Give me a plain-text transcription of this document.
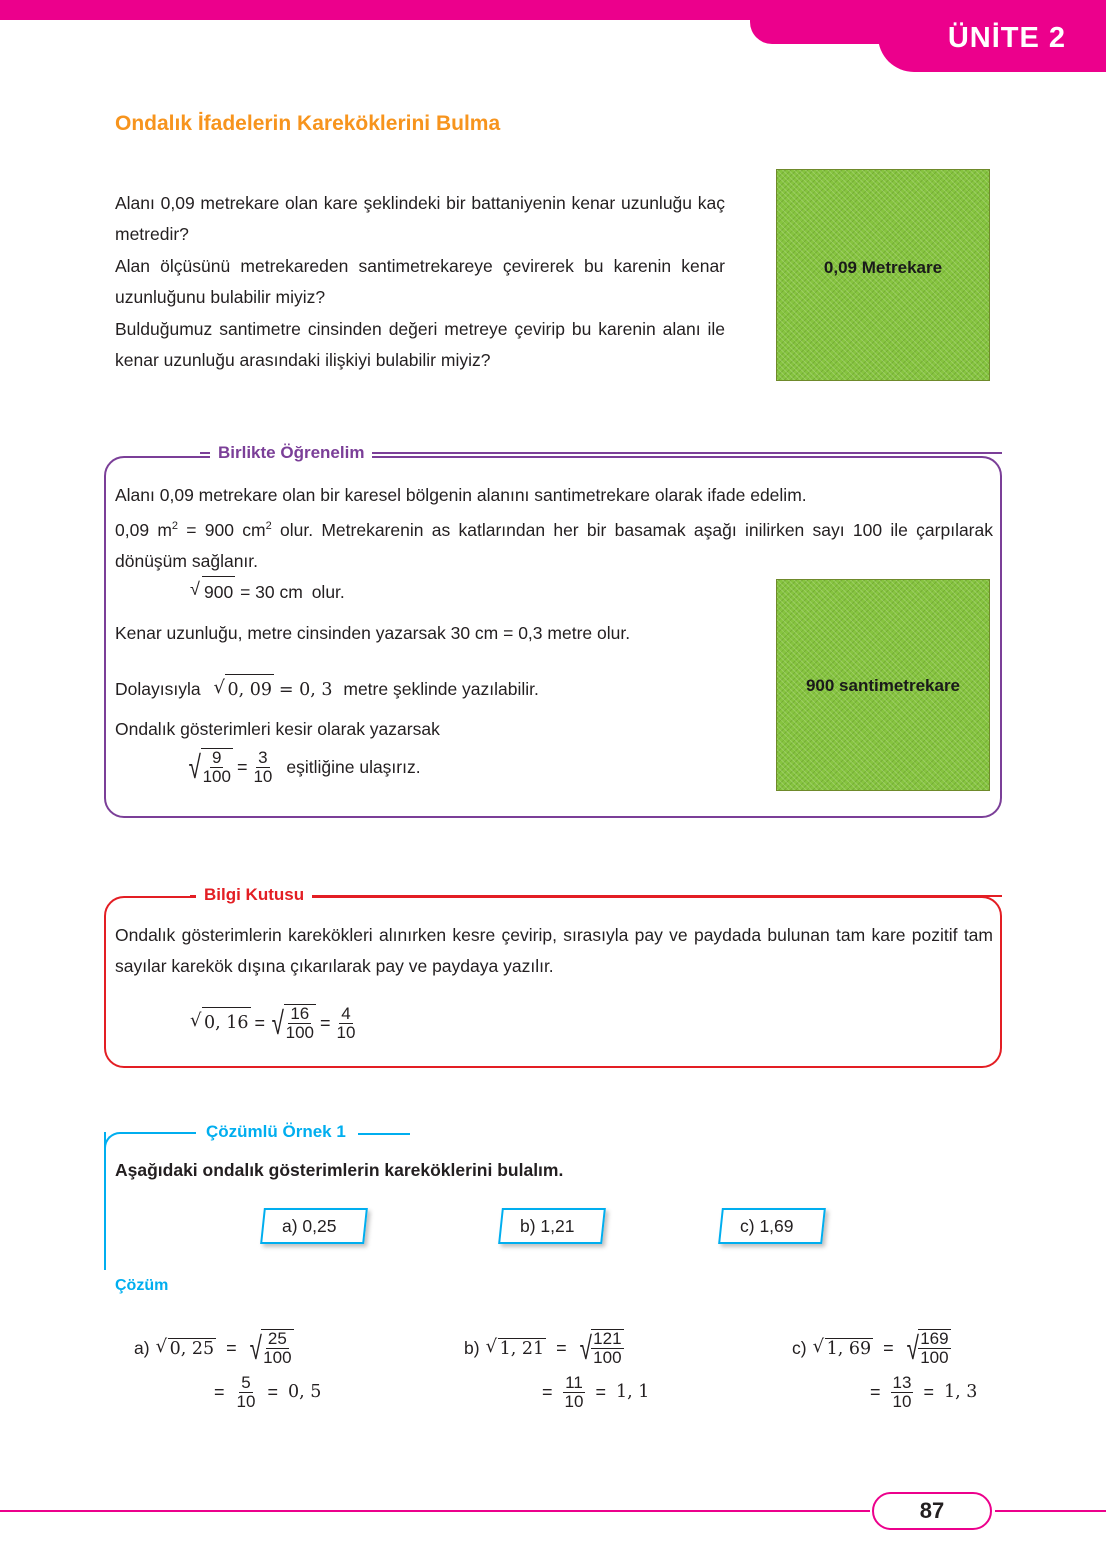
ÜNİTE 2
Ondalık İfadelerin Kareköklerini Bulma

Alanı 0,09 metrekare olan kare şeklindeki bir battaniyenin kenar uzunluğu kaç metredir?

Alan ölçüsünü metrekareden santimetrekareye çevirerek bu karenin kenar uzunluğunu bulabilir miyiz?

Bulduğumuz santimetre cinsinden değeri metreye çevirip bu karenin alanı ile kenar uzunluğu arasındaki ilişkiyi bulabilir miyiz?

0,09 Metrekare
Birlikte Öğrenelim
Alanı 0,09 metrekare olan bir karesel bölgenin alanını santimetrekare olarak ifade edelim.
0,09 $m^2 = 900$ $cm^2$ olur. Metrekarenin as katlarından her bir basamak aşağı inilirken sayı 100 ile çarpılarak dönüşüm sağlanır.
√ 900 = 30 cm olur.
Kenar uzunluğu, metre cinsinden yazarsak 30 cm = 0,3 metre olur.
Dolayısıyla √ 0, 09 = 0, 3 metre şeklinde yazılabilir.
Ondalık gösterimleri kesir olarak yazarsak
√ $\frac{9}{100} = \frac{3}{10}$ eşitliğine ulaşırız.
900 santimetrekare
Bilgi Kutusu
Ondalık gösterimlerin karekökleri alınırken kesre çevirip, sırasıyla pay ve paydada bulunan tam kare pozitif tam sayılar karekök dışına çıkarılarak pay ve paydaya yazılır.
√ 0, 16 = √ $\frac{16}{100} = \frac{4}{10}$
Çözümlü Örnek 1
Aşağıdaki ondalık gösterimlerin kareköklerini bulalım.
a) 0,25	b) 1,21	c) 1,69
Çözüm
a)	√ 0, 25 = √ $\frac{25}{100}$
= $\frac{5}{10} = 0$, 5
b)	√ 1, 21 = √ $\frac{121}{100}$
= $\frac{11}{10} = 1$, 1
c)	√ 1, 69 = √ $\frac{169}{100}$
= $\frac{13}{10} = 1$, 3
87
